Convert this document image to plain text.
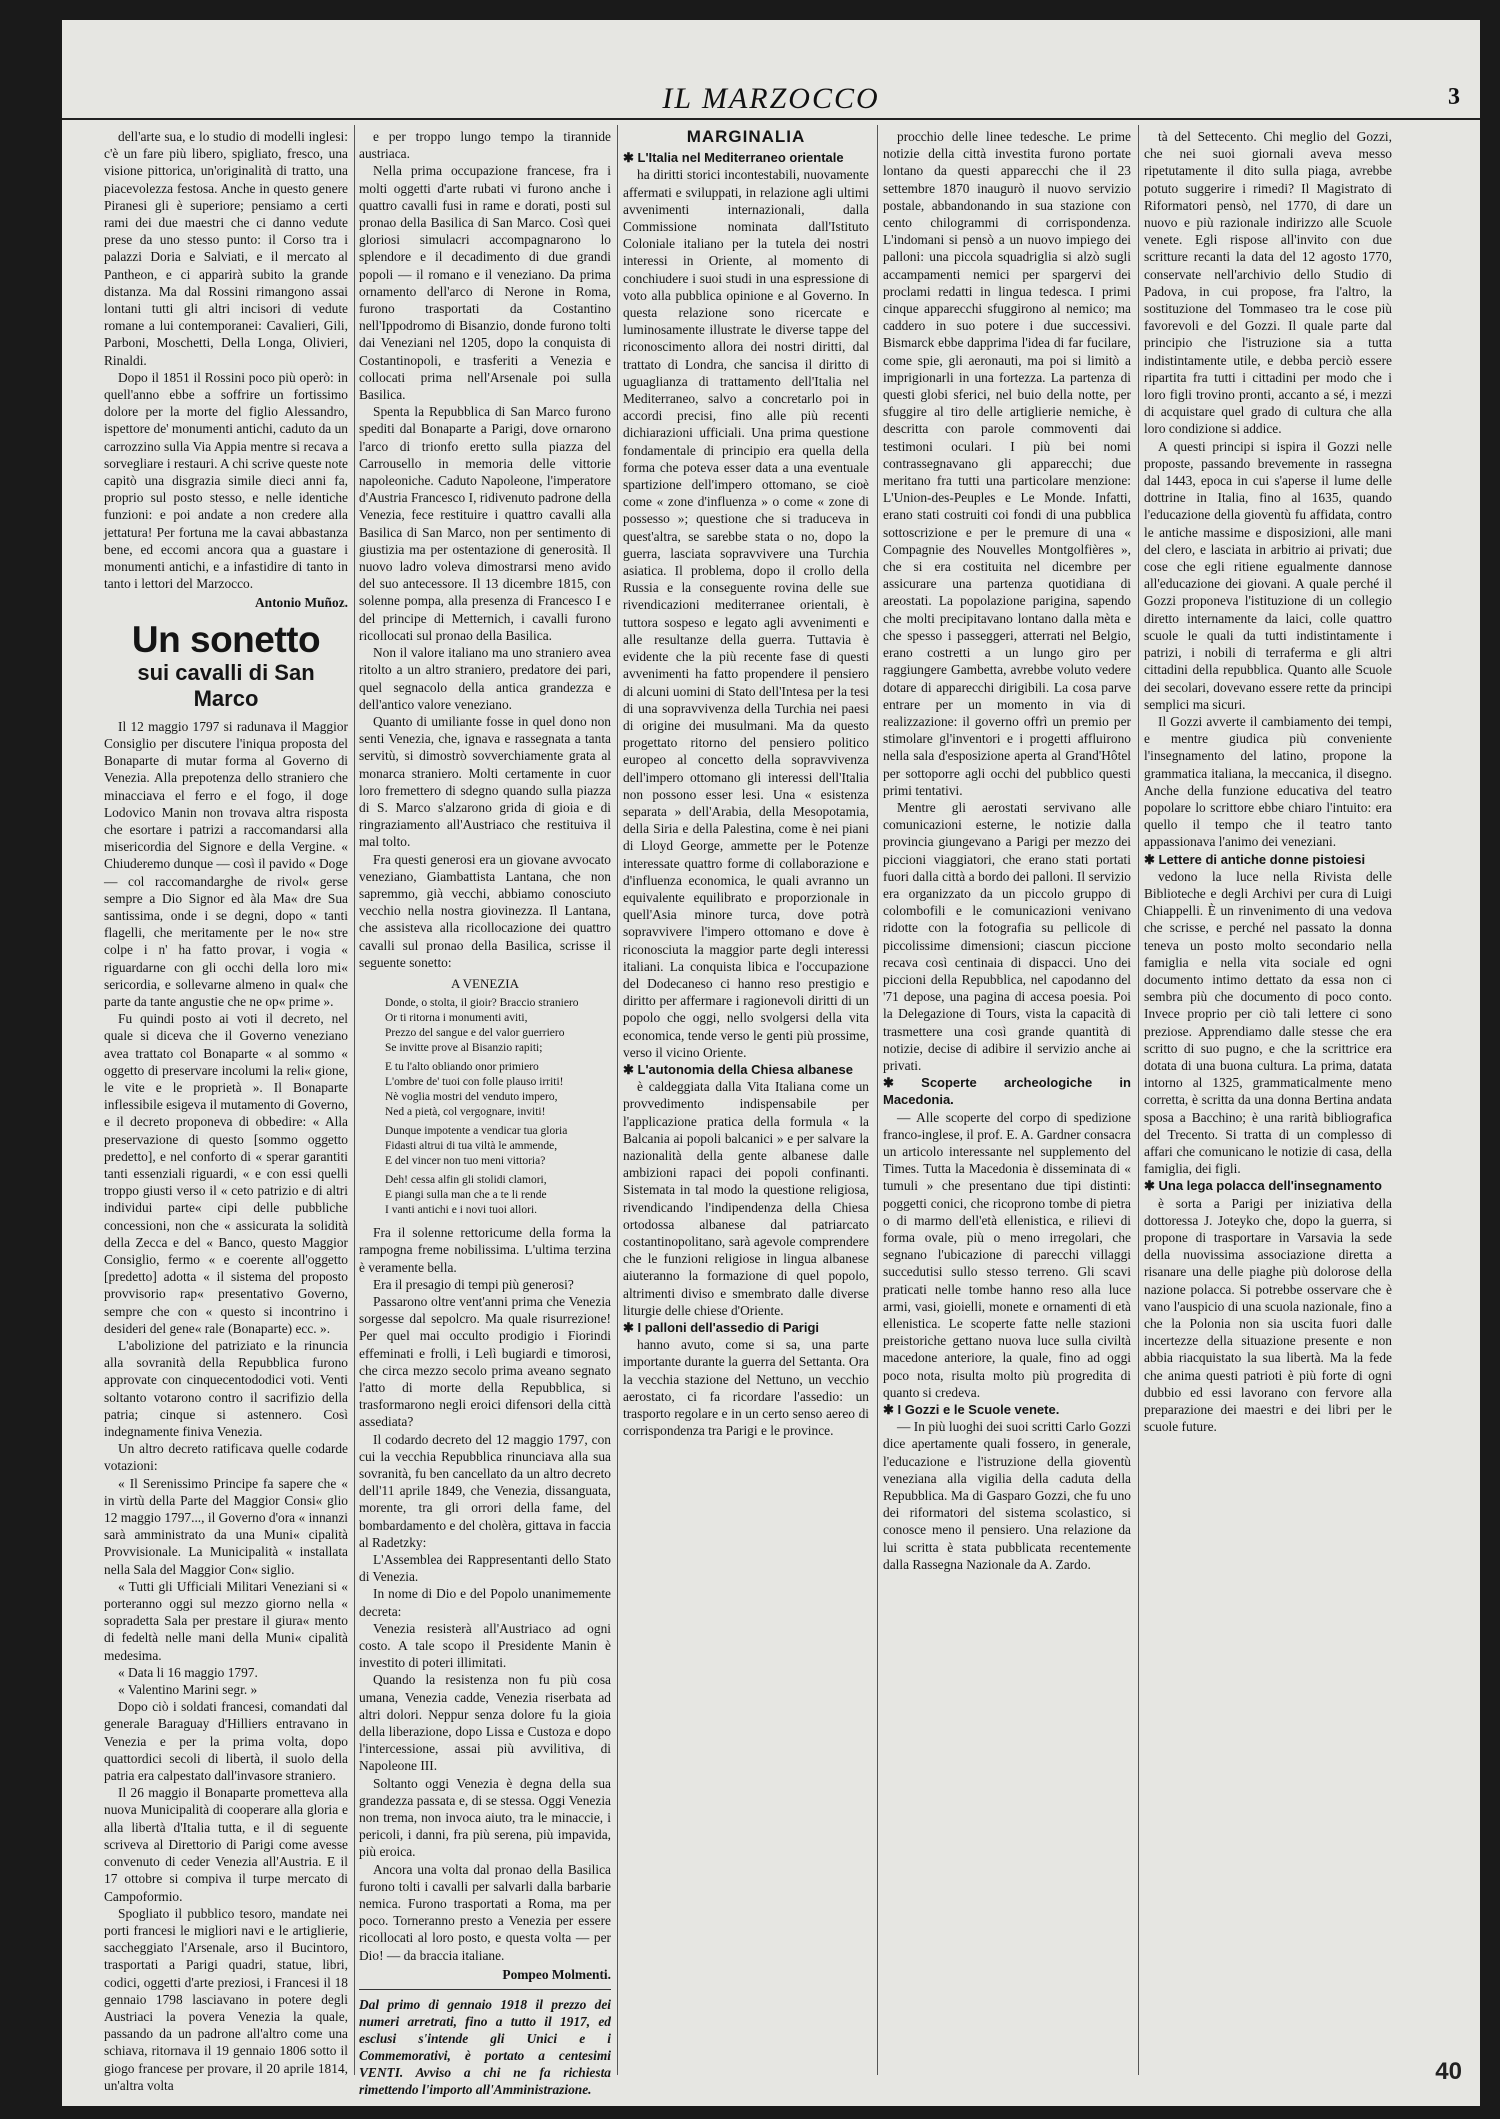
IL MARZOCCO	3

dell'arte sua, e lo studio di modelli inglesi: c'è un fare più libero, spigliato, fresco, una visione pittorica, un'originalità di tratto, una piacevolezza festosa. Anche in questo genere Piranesi gli è superiore; pensiamo a certi rami dei due maestri che ci danno vedute prese da uno stesso punto: il Corso tra i palazzi Doria e Salviati, e il mercato al Pantheon, e ci apparirà subito la grande distanza. Ma dal Rossini rimangono assai lontani tutti gli altri incisori di vedute romane a lui contemporanei: Cavalieri, Gili, Parboni, Moschetti, Della Longa, Olivieri, Rinaldi.

Dopo il 1851 il Rossini poco più operò: in quell'anno ebbe a soffrire un fortissimo dolore per la morte del figlio Alessandro, ispettore de' monumenti antichi, caduto da un carrozzino sulla Via Appia mentre si recava a sorvegliare i restauri. A chi scrive queste note capitò una disgrazia simile dieci anni fa, proprio sul posto stesso, e nelle identiche funzioni: e poi andate a non credere alla jettatura! Per fortuna me la cavai abbastanza bene, ed eccomi ancora qua a guastare i monumenti antichi, e a infastidire di tanto in tanto i lettori del Marzocco.

Antonio Muñoz.
Un sonetto
sui cavalli di San Marco

Il 12 maggio 1797 si radunava il Maggior Consiglio per discutere l'iniqua proposta del Bonaparte di mutar forma al Governo di Venezia. Alla prepotenza dello straniero che minacciava el ferro e el fogo, il doge Lodovico Manin non trovava altra risposta che esortare i patrizi a raccomandarsi alla misericordia del Signore e della Vergine. « Chiuderemo dunque — così il pavido « Doge — col raccomandarghe de rivol« gerse sempre a Dio Signor ed àla Ma« dre Sua santissima, onde i se degni, dopo « tanti flagelli, che meritamente per le no« stre colpe i n' ha fatto provar, i vogia « riguardarne con gli occhi della loro mi« sericordia, e sollevarne almeno in qual« che parte da tante angustie che ne op« prime ».

Fu quindi posto ai voti il decreto, nel quale si diceva che il Governo veneziano avea trattato col Bonaparte « al sommo « oggetto di preservare incolumi la reli« gione, le vite e le proprietà ». Il Bonaparte inflessibile esigeva il mutamento di Governo, e il decreto proponeva di obbedire: « Alla preservazione di questo [sommo oggetto predetto], e nel conforto di « sperar garantiti tanti essenziali riguardi, « e con essi quelli troppo giusti verso il « ceto patrizio e di altri individui parte« cipi delle pubbliche concessioni, non che « assicurata la solidità della Zecca e del « Banco, questo Maggior Consiglio, fermo « e coerente all'oggetto [predetto] adotta « il sistema del proposto provvisorio rap« presentativo Governo, sempre che con « questo si incontrino i desideri del gene« rale (Bonaparte) ecc. ».

L'abolizione del patriziato e la rinuncia alla sovranità della Repubblica furono approvate con cinquecentododici voti. Venti soltanto votarono contro il sacrifizio della patria; cinque si astennero. Così indegnamente finiva Venezia.

Un altro decreto ratificava quelle codarde votazioni:

« Il Serenissimo Principe fa sapere che « in virtù della Parte del Maggior Consi« glio 12 maggio 1797..., il Governo d'ora « innanzi sarà amministrato da una Muni« cipalità Provvisionale. La Municipalità « installata nella Sala del Maggior Con« siglio.

« Tutti gli Ufficiali Militari Veneziani si « porteranno oggi sul mezzo giorno nella « sopradetta Sala per prestare il giura« mento di fedeltà nelle mani della Muni« cipalità medesima.

« Data li 16 maggio 1797.

« Valentino Marini segr. »

Dopo ciò i soldati francesi, comandati dal generale Baraguay d'Hilliers entravano in Venezia e per la prima volta, dopo quattordici secoli di libertà, il suolo della patria era calpestato dall'invasore straniero.

Il 26 maggio il Bonaparte prometteva alla nuova Municipalità di cooperare alla gloria e alla libertà d'Italia tutta, e il di seguente scriveva al Direttorio di Parigi come avesse convenuto di ceder Venezia all'Austria. E il 17 ottobre si compiva il turpe mercato di Campoformio.

Spogliato il pubblico tesoro, mandate nei porti francesi le migliori navi e le artiglierie, saccheggiato l'Arsenale, arso il Bucintoro, trasportati a Parigi quadri, statue, libri, codici, oggetti d'arte preziosi, i Francesi il 18 gennaio 1798 lasciavano in potere degli Austriaci la povera Venezia la quale, passando da un padrone all'altro come una schiava, ritornava il 19 gennaio 1806 sotto il giogo francese per provare, il 20 aprile 1814, un'altra volta

e per troppo lungo tempo la tirannide austriaca.

Nella prima occupazione francese, fra i molti oggetti d'arte rubati vi furono anche i quattro cavalli fusi in rame e dorati, posti sul pronao della Basilica di San Marco. Così quei gloriosi simulacri accompagnarono lo splendore e il decadimento di due grandi popoli — il romano e il veneziano. Da prima ornamento dell'arco di Nerone in Roma, furono trasportati da Costantino nell'Ippodromo di Bisanzio, donde furono tolti dai Veneziani nel 1205, dopo la conquista di Costantinopoli, e trasferiti a Venezia e collocati prima nell'Arsenale poi sulla Basilica.

Spenta la Repubblica di San Marco furono spediti dal Bonaparte a Parigi, dove ornarono l'arco di trionfo eretto sulla piazza del Carrousello in memoria delle vittorie napoleoniche. Caduto Napoleone, l'imperatore d'Austria Francesco I, ridivenuto padrone della Venezia, fece restituire i quattro cavalli alla Basilica di San Marco, non per sentimento di giustizia ma per ostentazione di generosità. Il nuovo ladro voleva dimostrarsi meno avido del suo antecessore. Il 13 dicembre 1815, con solenne pompa, alla presenza di Francesco I e del principe di Metternich, i cavalli furono ricollocati sul pronao della Basilica.

Non il valore italiano ma uno straniero avea ritolto a un altro straniero, predatore dei pari, quel segnacolo della antica grandezza e dell'antico valore veneziano.

Quanto di umiliante fosse in quel dono non senti Venezia, che, ignava e rassegnata a tanta servitù, si dimostrò sovverchiamente grata al monarca straniero. Molti certamente in cuor loro fremettero di sdegno quando sulla piazza di S. Marco s'alzarono grida di gioia e di ringraziamento all'Austriaco che restituiva il mal tolto.

Fra questi generosi era un giovane avvocato veneziano, Giambattista Lantana, che non sapremmo, già vecchi, abbiamo conosciuto vecchio nella nostra giovinezza. Il Lantana, che assisteva alla ricollocazione dei quattro cavalli sul pronao della Basilica, scrisse il seguente sonetto:

A VENEZIA
Donde, o stolta, il gioir? Braccio straniero
Or ti ritorna i monumenti aviti,
Prezzo del sangue e del valor guerriero
Se invitte prove al Bisanzio rapiti;
E tu l'alto obliando onor primiero
L'ombre de' tuoi con folle plauso irriti!
Nè voglia mostri del venduto impero,
Ned a pietà, col vergognare, inviti!
Dunque impotente a vendicar tua gloria
Fidasti altrui di tua viltà le ammende,
E del vincer non tuo meni vittoria?
Deh! cessa alfin gli stolidi clamori,
E piangi sulla man che a te li rende
I vanti antichi e i novi tuoi allori.

Fra il solenne rettoricume della forma la rampogna freme nobilissima. L'ultima terzina è veramente bella.

Era il presagio di tempi più generosi?

Passarono oltre vent'anni prima che Venezia sorgesse dal sepolcro. Ma quale risurrezione! Per quel mai occulto prodigio i Fiorindi effeminati e frolli, i Lelì bugiardi e timorosi, che circa mezzo secolo prima aveano segnato l'atto di morte della Repubblica, si trasformarono negli eroici difensori della città assediata?

Il codardo decreto del 12 maggio 1797, con cui la vecchia Repubblica rinunciava alla sua sovranità, fu ben cancellato da un altro decreto dell'11 aprile 1849, che Venezia, dissanguata, morente, tra gli orrori della fame, del bombardamento e del cholèra, gittava in faccia al Radetzky:

L'Assemblea dei Rappresentanti dello Stato di Venezia.

In nome di Dio e del Popolo unanimemente decreta:

Venezia resisterà all'Austriaco ad ogni costo. A tale scopo il Presidente Manin è investito di poteri illimitati.

Quando la resistenza non fu più cosa umana, Venezia cadde, Venezia riserbata ad altri dolori. Neppur senza dolore fu la gioia della liberazione, dopo Lissa e Custoza e dopo l'intercessione, assai più avvilitiva, di Napoleone III.

Soltanto oggi Venezia è degna della sua grandezza passata e, di se stessa. Oggi Venezia non trema, non invoca aiuto, tra le minaccie, i pericoli, i danni, fra più serena, più impavida, più eroica.

Ancora una volta dal pronao della Basilica furono tolti i cavalli per salvarli dalla barbarie nemica. Furono trasportati a Roma, ma per poco. Torneranno presto a Venezia per essere ricollocati al loro posto, e questa volta — per Dio! — da braccia italiane.

Pompeo Molmenti.
Dal primo di gennaio 1918 il prezzo dei numeri arretrati, fino a tutto il 1917, ed esclusi s'intende gli Unici e i Commemorativi, è portato a centesimi VENTI. Avviso a chi ne fa richiesta rimettendo l'importo all'Amministrazione.
MARGINALIA
✱ L'Italia nel Mediterraneo orientale

ha diritti storici incontestabili, nuovamente affermati e sviluppati, in relazione agli ultimi avvenimenti internazionali, dalla Commissione nominata dall'Istituto Coloniale italiano per la tutela dei nostri interessi in Oriente, al momento di conchiudere i suoi studi in una espressione di voto alla pubblica opinione e al Governo. In questa relazione sono ricercate e luminosamente illustrate le diverse tappe del riconoscimento allora dei nostri diritti, dal trattato di Londra, che sancisa il diritto di uguaglianza di trattamento dell'Italia nel Mediterraneo, salvo a concretarlo poi in accordi precisi, fino alle più recenti dichiarazioni ufficiali. Una prima questione fondamentale di principio era quella della forma che poteva esser data a una eventuale spartizione dell'impero ottomano, se cioè come « zone d'influenza » o come « zone di possesso »; questione che si traduceva in quest'altra, se sarebbe stata o no, dopo la guerra, lasciata sopravvivere una Turchia asiatica. Il problema, dopo il crollo della Russia e la conseguente rovina delle sue rivendicazioni mediterranee orientali, è tuttora sospeso e legato agli avvenimenti e alle resultanze della guerra. Tuttavia è evidente che la più recente fase di questi avvenimenti ha fatto propendere il pensiero di alcuni uomini di Stato dell'Intesa per la tesi di una sopravvivenza della Turchia nei paesi di origine dei musulmani. Ma da questo progettato ritorno del pensiero politico europeo al concetto della sopravvivenza dell'impero ottomano gli interessi dell'Italia non possono esser lesi. Una « esistenza separata » dell'Arabia, della Mesopotamia, della Siria e della Palestina, come è nei piani di Lloyd George, ammette per le Potenze interessate quattro forme di collaborazione e d'influenza economica, le quali avranno un equivalente equilibrato e proporzionale in quell'Asia minore turca, dove potrà sopravvivere l'impero ottomano e dove è riconosciuta la maggior parte degli interessi italiani. La conquista libica e l'occupazione del Dodecaneso ci hanno reso prestigio e diritto per affermare i ragionevoli diritti di un popolo che oggi, nello svolgersi della vita economica, tende verso le genti più prossime, verso il vicino Oriente.

✱ L'autonomia della Chiesa albanese

è caldeggiata dalla Vita Italiana come un provvedimento indispensabile per l'applicazione pratica della formula « la Balcania ai popoli balcanici » e per salvare la nazionalità della gente albanese dalle ambizioni rapaci dei popoli confinanti. Sistemata in tal modo la questione religiosa, rivendicando l'indipendenza della Chiesa ortodossa albanese dal patriarcato costantinopolitano, sarà agevole comprendere che le funzioni religiose in lingua albanese aiuteranno la formazione di quel popolo, altrimenti diviso e smembrato dalle diverse liturgie delle chiese d'Oriente.

✱ I palloni dell'assedio di Parigi

hanno avuto, come si sa, una parte importante durante la guerra del Settanta. Ora la vecchia stazione del Nettuno, un vecchio aerostato, ci fa ricordare l'assedio: un trasporto regolare e in un certo senso aereo di corrispondenza tra Parigi e le province.

procchio delle linee tedesche. Le prime notizie della città investita furono portate lontano da questi apparecchi che il 23 settembre 1870 inaugurò il nuovo servizio postale, abbandonando in sua stazione con cento chilogrammi di corrispondenza. L'indomani si pensò a un nuovo impiego dei palloni: una piccola squadriglia si alzò sugli accampamenti nemici per spargervi dei proclami redatti in lingua tedesca. I primi cinque apparecchi sfuggirono al nemico; ma caddero in suo potere i due successivi. Bismarck ebbe dapprima l'idea di far fucilare, come spie, gli aeronauti, ma poi si limitò a imprigionarli in una fortezza. La partenza di questi globi sferici, nel buio della notte, per sfuggire al tiro delle artiglierie nemiche, è descritta con parole commoventi dai testimoni oculari. I più bei nomi contrassegnavano gli apparecchi; due meritano fra tutti una particolare menzione: L'Union-des-Peuples e Le Monde. Infatti, erano stati costruiti coi fondi di una pubblica sottoscrizione e per le premure di una « Compagnie des Nouvelles Montgolfières », che si era costituita nel dicembre per assicurare una partenza quotidiana di areostati. La popolazione parigina, sapendo che molti precipitavano lontano dalla mèta e che spesso i passeggeri, atterrati nel Belgio, erano costretti a un lungo giro per raggiungere Gambetta, avrebbe voluto vedere dotare di apparecchi dirigibili. La cosa parve entrare per un momento in via di realizzazione: il governo offrì un premio per stimolare gl'inventori e i progetti affluirono nella sala d'esposizione aperta al Grand'Hôtel per sottoporre agli occhi del pubblico questi primi tentativi.

Mentre gli aerostati servivano alle comunicazioni esterne, le notizie dalla provincia giungevano a Parigi per mezzo dei piccioni viaggiatori, che erano stati portati fuori dalla città a bordo dei palloni. Il servizio era organizzato da un piccolo gruppo di colombofili e le comunicazioni venivano ridotte con la fotografia su pellicole di piccolissime dimensioni; ciascun piccione recava così centinaia di dispacci. Uno dei piccioni della Repubblica, nel capodanno del '71 depose, una pagina di accesa poesia. Poi la Delegazione di Tours, vista la capacità di trasmettere una così grande quantità di notizie, decise di adibire il servizio anche ai privati.

✱ Scoperte archeologiche in Macedonia.

— Alle scoperte del corpo di spedizione franco-inglese, il prof. E. A. Gardner consacra un articolo interessante nel supplemento del Times. Tutta la Macedonia è disseminata di « tumuli » che presentano due tipi distinti: poggetti conici, che ricoprono tombe di pietra o di marmo dell'età ellenistica, e rilievi di forma ovale, più o meno irregolari, che segnano l'ubicazione di parecchi villaggi succedutisi sullo stesso terreno. Gli scavi praticati nelle tombe hanno reso alla luce armi, vasi, gioielli, monete e ornamenti di età ellenistica. Le scoperte fatte nelle stazioni preistoriche gettano nuova luce sulla civiltà macedone anteriore, la quale, fino ad oggi poco nota, risulta molto più progredita di quanto si credeva.

✱ I Gozzi e le Scuole venete.

— In più luoghi dei suoi scritti Carlo Gozzi dice apertamente quali fossero, in generale, l'educazione e l'istruzione della gioventù veneziana alla vigilia della caduta della Repubblica. Ma di Gasparo Gozzi, che fu uno dei riformatori del sistema scolastico, si conosce meno il pensiero. Una relazione da lui scritta è stata pubblicata recentemente dalla Rassegna Nazionale da A. Zardo.

tà del Settecento. Chi meglio del Gozzi, che nei suoi giornali aveva messo ripetutamente il dito sulla piaga, avrebbe potuto suggerire i rimedi? Il Magistrato di Riformatori pensò, nel 1770, di dare un nuovo e più razionale indirizzo alle Scuole venete. Egli rispose all'invito con due scritture recanti la data del 12 agosto 1770, conservate nell'archivio dello Studio di Padova, in cui propose, fra l'altro, la sostituzione del Tommaseo tra le cose più favorevoli e del Gozzi. Il quale parte dal principio che l'istruzione sia a tutta indistintamente utile, e debba perciò essere ripartita fra tutti i cittadini per modo che i loro figli trovino pronti, accanto a sé, i mezzi di acquistare quel grado di cultura che alla loro condizione si addice.

A questi principi si ispira il Gozzi nelle proposte, passando brevemente in rassegna dal 1443, epoca in cui s'aperse il lume delle dottrine in Italia, fino al 1635, quando l'educazione della gioventù fu affidata, contro le antiche massime e disposizioni, alle mani del clero, e lasciata in arbitrio ai privati; due cose che egli ritiene egualmente dannose all'educazione dei giovani. A quale perché il Gozzi proponeva l'istituzione di un collegio diretto internamente da laici, colle quattro scuole le quali da tutti indistintamente i patrizi, i nobili di terraferma e gli altri cittadini della repubblica. Quanto alle Scuole dei secolari, dovevano essere rette da principi semplici ma sicuri.

Il Gozzi avverte il cambiamento dei tempi, e mentre giudica più conveniente l'insegnamento del latino, propone la grammatica italiana, la meccanica, il disegno. Anche della funzione educativa del teatro popolare lo scrittore ebbe chiaro l'intuito: era quello il tempo che il teatro tanto appassionava l'animo dei veneziani.

✱ Lettere di antiche donne pistoiesi

vedono la luce nella Rivista delle Biblioteche e degli Archivi per cura di Luigi Chiappelli. È un rinvenimento di una vedova che scrisse, e perché nel passato la donna teneva un posto molto secondario nella famiglia e nella vita sociale ed ogni documento intimo dettato da essa non ci sembra più che documento di poco conto. Invece proprio per ciò tali lettere ci sono preziose. Apprendiamo dalle stesse che era scritto di suo pugno, e che la scrittrice era dotata di una buona cultura. La prima, datata intorno al 1325, grammaticalmente meno corretta, è scritta da una donna Bertina andata sposa a Bacchino; è una rarità bibliografica del Trecento. Si tratta di un complesso di affari che comunicano le notizie di casa, della famiglia, dei figli.

✱ Una lega polacca dell'insegnamento

è sorta a Parigi per iniziativa della dottoressa J. Joteyko che, dopo la guerra, si propone di trasportare in Varsavia la sede della nuovissima associazione diretta a risanare una delle piaghe più dolorose della nazione polacca. Si potrebbe osservare che è vano l'auspicio di una scuola nazionale, fino a che la Polonia non sia uscita fuori dalle incertezze della situazione presente e non abbia riacquistato la sua libertà. Ma la fede che anima questi patrioti è più forte di ogni dubbio ed essi lavorano con fervore alla preparazione dei maestri e dei libri per le scuole future.

40
